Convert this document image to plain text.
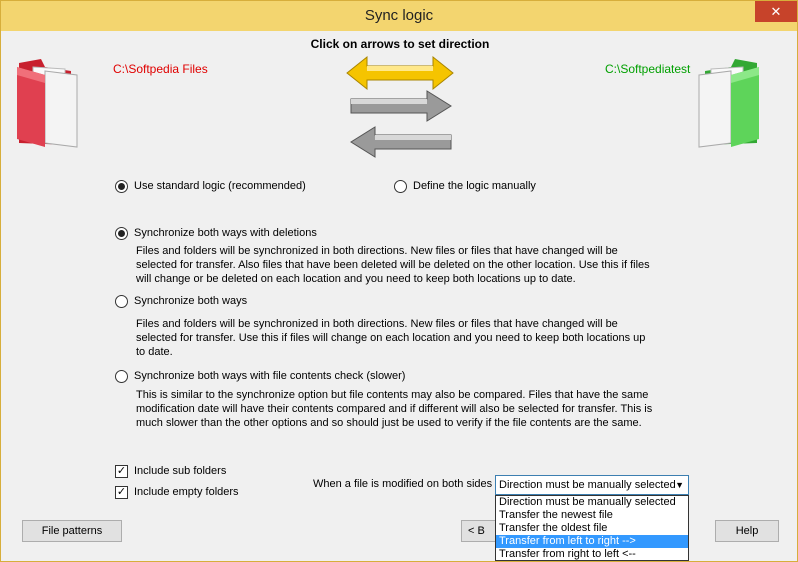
Sync logic	✕
Click on arrows to set direction
C:\Softpedia Files	C:\Softpediatest
Use standard logic (recommended)	Define the logic manually
Synchronize both ways with deletions
Files and folders will be synchronized in both directions. New files or files that have changed will be selected for transfer. Also files that have been deleted will be deleted on the other location. Use this if files will change or be deleted on each location and you need to keep both locations up to date.
Synchronize both ways
Files and folders will be synchronized in both directions. New files or files that have changed will be selected for transfer. Use this if files will change on each location and you need to keep both locations up to date.
Synchronize both ways with file contents check (slower)
This is similar to the synchronize option but file contents may also be compared. Files that have the same modification date will have their contents compared and if different will also be selected for transfer. This is much slower than the other options and so should just be used to verify if the file contents are the same.
✓ Include sub folders
✓ Include empty folders
When a file is modified on both sides Direction must be manually selected ▼
File patterns	< B	Help
Direction must be manually selected
Transfer the newest file
Transfer the oldest file
Transfer from left to right -->
Transfer from right to left <--
